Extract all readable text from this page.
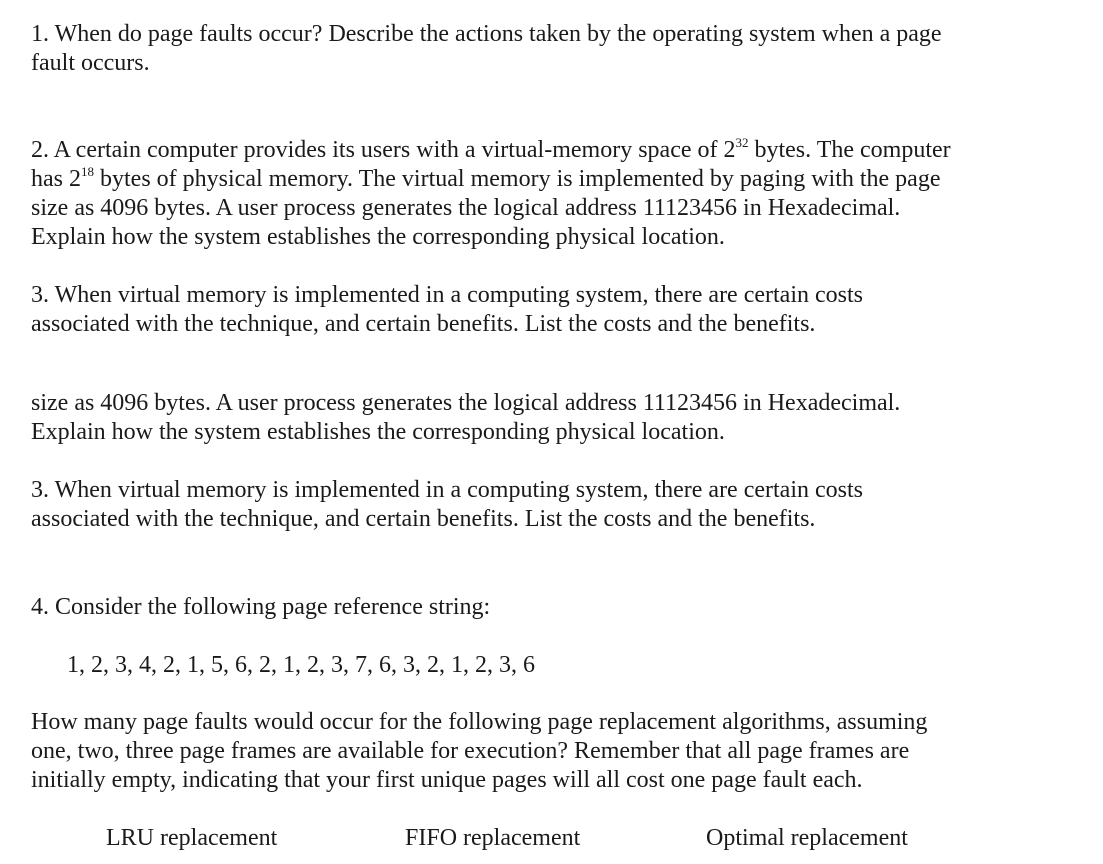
1. When do page faults occur? Describe the actions taken by the operating system when a page
fault occurs.
2. A certain computer provides its users with a virtual-memory space of $2^{32}$ bytes. The computer
has $2^{18}$ bytes of physical memory. The virtual memory is implemented by paging with the page
size as 4096 bytes. A user process generates the logical address 11123456 in Hexadecimal.
Explain how the system establishes the corresponding physical location.
3. When virtual memory is implemented in a computing system, there are certain costs
associated with the technique, and certain benefits. List the costs and the benefits.
size as 4096 bytes. A user process generates the logical address 11123456 in Hexadecimal.
Explain how the system establishes the corresponding physical location.
3. When virtual memory is implemented in a computing system, there are certain costs
associated with the technique, and certain benefits. List the costs and the benefits.
4. Consider the following page reference string:
1, 2, 3, 4, 2, 1, 5, 6, 2, 1, 2, 3, 7, 6, 3, 2, 1, 2, 3, 6
How many page faults would occur for the following page replacement algorithms, assuming
one, two, three page frames are available for execution? Remember that all page frames are
initially empty, indicating that your first unique pages will all cost one page fault each.
LRU replacement	FIFO replacement	Optimal replacement
